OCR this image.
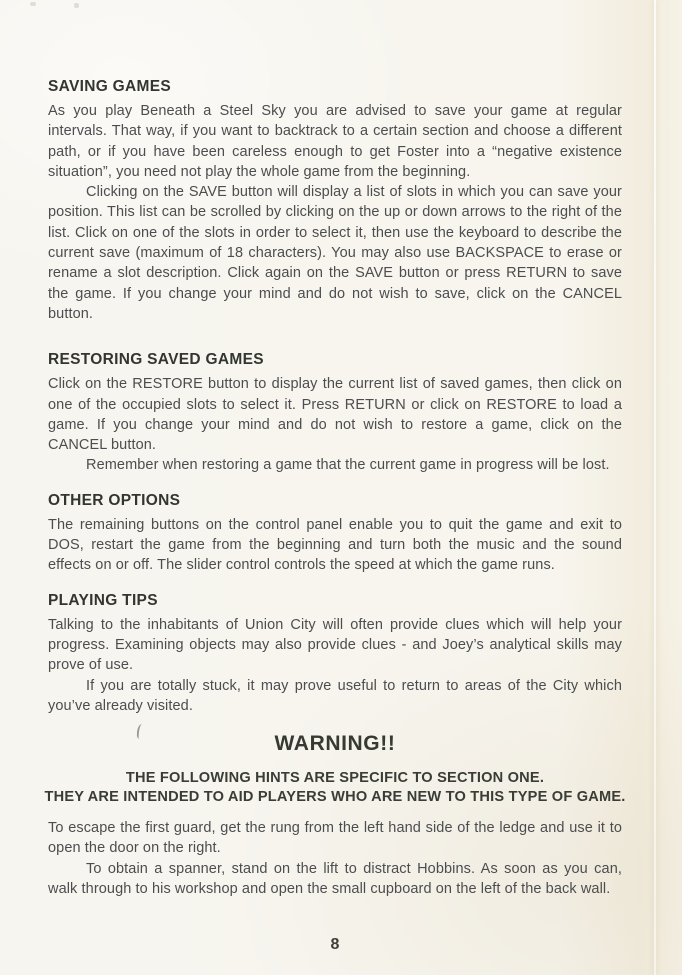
SAVING GAMES

As you play Beneath a Steel Sky you are advised to save your game at regular intervals. That way, if you want to backtrack to a certain section and choose a different path, or if you have been careless enough to get Foster into a “negative existence situation”, you need not play the whole game from the beginning.

Clicking on the SAVE button will display a list of slots in which you can save your position. This list can be scrolled by clicking on the up or down arrows to the right of the list. Click on one of the slots in order to select it, then use the keyboard to describe the current save (maximum of 18 characters). You may also use BACKSPACE to erase or rename a slot description. Click again on the SAVE button or press RETURN to save the game. If you change your mind and do not wish to save, click on the CANCEL button.

RESTORING SAVED GAMES

Click on the RESTORE button to display the current list of saved games, then click on one of the occupied slots to select it. Press RETURN or click on RESTORE to load a game. If you change your mind and do not wish to restore a game, click on the CANCEL button.

Remember when restoring a game that the current game in progress will be lost.

OTHER OPTIONS

The remaining buttons on the control panel enable you to quit the game and exit to DOS, restart the game from the beginning and turn both the music and the sound effects on or off. The slider control controls the speed at which the game runs.

PLAYING TIPS

Talking to the inhabitants of Union City will often provide clues which will help your progress. Examining objects may also provide clues - and Joey’s analytical skills may prove of use.

If you are totally stuck, it may prove useful to return to areas of the City which you’ve already visited.

WARNING!!

THE FOLLOWING HINTS ARE SPECIFIC TO SECTION ONE.

THEY ARE INTENDED TO AID PLAYERS WHO ARE NEW TO THIS TYPE OF GAME.

To escape the first guard, get the rung from the left hand side of the ledge and use it to open the door on the right.

To obtain a spanner, stand on the lift to distract Hobbins. As soon as you can, walk through to his workshop and open the small cupboard on the left of the back wall.

8
